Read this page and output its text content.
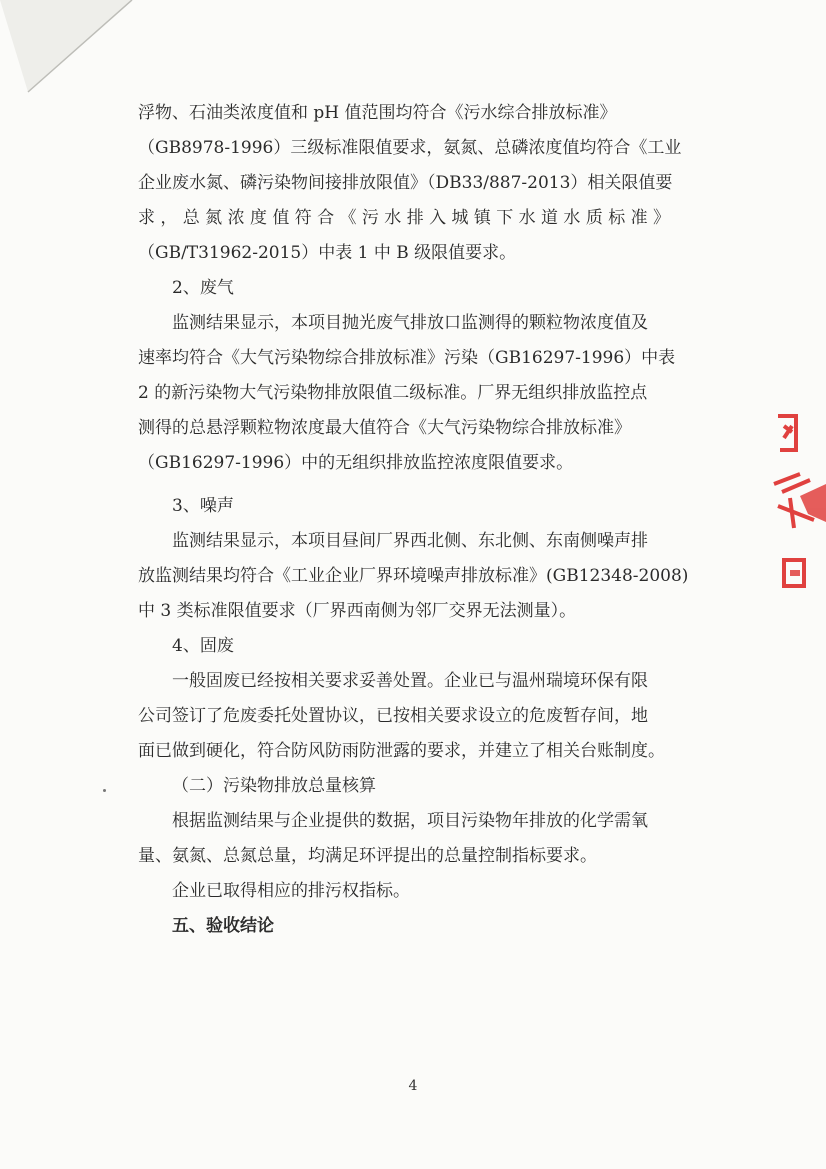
浮物、石油类浓度值和 pH 值范围均符合《污水综合排放标准》
（GB8978-1996）三级标准限值要求，氨氮、总磷浓度值均符合《工业
企业废水氮、磷污染物间接排放限值》（DB33/887-2013）相关限值要
求，总氮浓度值符合《污水排入城镇下水道水质标准》
（GB/T31962-2015）中表 1 中 B 级限值要求。
2、废气
监测结果显示，本项目抛光废气排放口监测得的颗粒物浓度值及
速率均符合《大气污染物综合排放标准》污染（GB16297-1996）中表
2 的新污染物大气污染物排放限值二级标准。厂界无组织排放监控点
测得的总悬浮颗粒物浓度最大值符合《大气污染物综合排放标准》
（GB16297-1996）中的无组织排放监控浓度限值要求。
3、噪声
监测结果显示，本项目昼间厂界西北侧、东北侧、东南侧噪声排
放监测结果均符合《工业企业厂界环境噪声排放标准》(GB12348-2008)
中 3 类标准限值要求（厂界西南侧为邻厂交界无法测量）。
4、固废
一般固废已经按相关要求妥善处置。企业已与温州瑞境环保有限
公司签订了危废委托处置协议，已按相关要求设立的危废暂存间，地
面已做到硬化，符合防风防雨防泄露的要求，并建立了相关台账制度。
（二）污染物排放总量核算
根据监测结果与企业提供的数据，项目污染物年排放的化学需氧
量、氨氮、总氮总量，均满足环评提出的总量控制指标要求。
企业已取得相应的排污权指标。
五、验收结论
4
